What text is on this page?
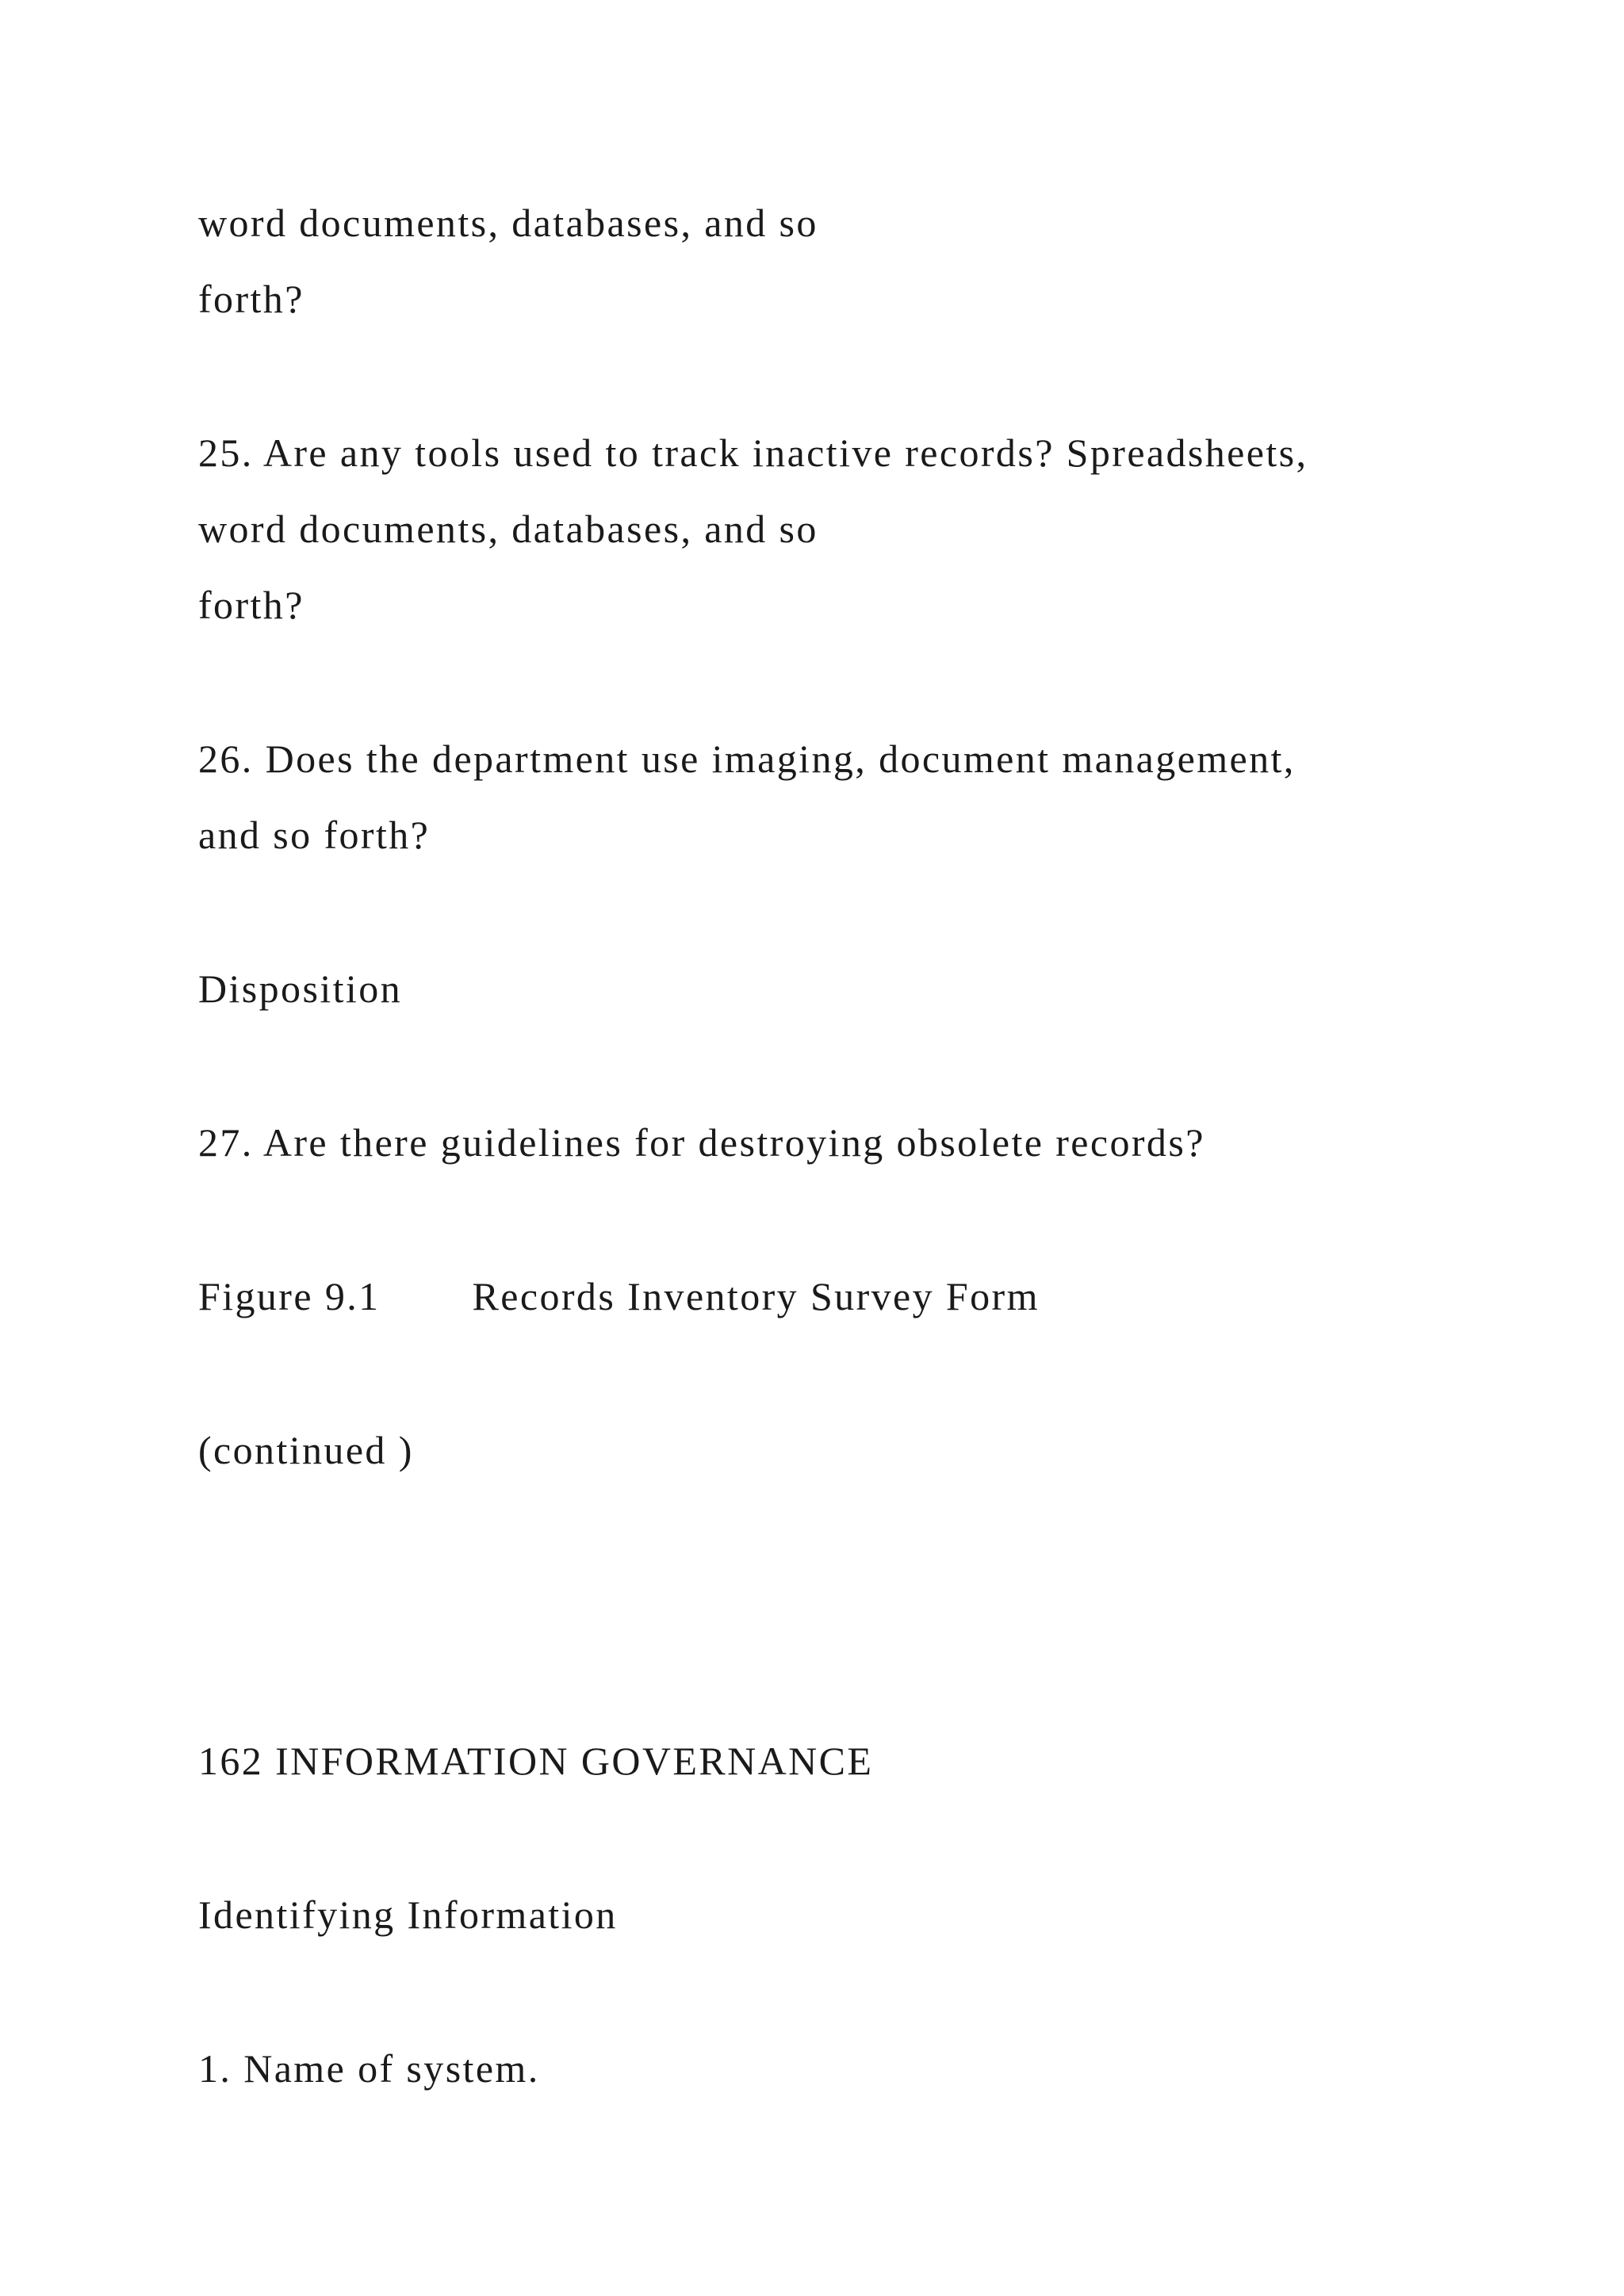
word documents, databases, and so

forth?

25. Are any tools used to track inactive records? Spreadsheets,

word documents, databases, and so

forth?

26. Does the department use imaging, document management,

and so forth?

Disposition

27. Are there guidelines for destroying obsolete records?

Figure 9.1 Records Inventory Survey Form

(continued )

162 INFORMATION GOVERNANCE

Identifying Information

1. Name of system.
